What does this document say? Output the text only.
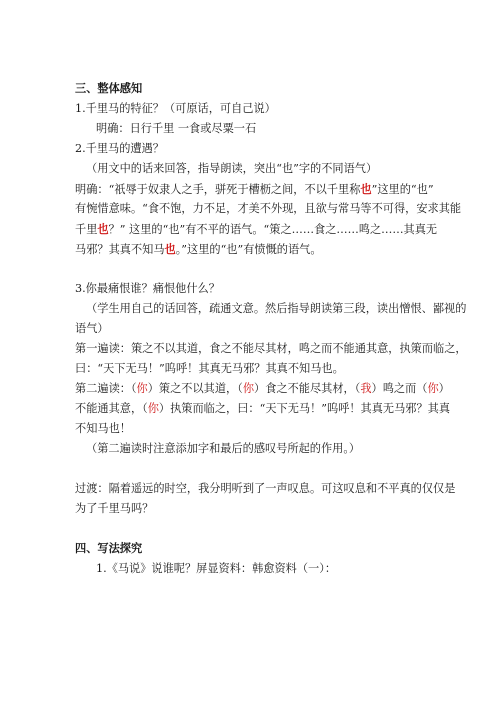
三、整体感知
1.千里马的特征？（可原话，可自己说）
明确：日行千里 一食或尽粟一石
2.千里马的遭遇？
（用文中的话来回答，指导朗读，突出“也”字的不同语气）
明确：“祇辱于奴隶人之手，骈死于槽枥之间，不以千里称也”这里的“也”
有惋惜意味。“食不饱，力不足，才美不外现，且欲与常马等不可得，安求其能
千里也？” 这里的“也”有不平的语气。“策之……食之……鸣之……其真无
马邪？其真不知马也。”这里的“也”有愤慨的语气。
3.你最痛恨谁？痛恨他什么？
（学生用自己的话回答，疏通文意。然后指导朗读第三段，读出憎恨、鄙视的
语气）
第一遍读：策之不以其道，食之不能尽其材，鸣之而不能通其意，执策而临之，
曰：“天下无马！”呜呼！其真无马邪？其真不知马也。
第二遍读：（你）策之不以其道，（你）食之不能尽其材，（我）鸣之而（你）
不能通其意，（你）执策而临之，曰：“天下无马！”呜呼！其真无马邪？其真
不知马也！
（第二遍读时注意添加字和最后的感叹号所起的作用。）
过渡：隔着遥远的时空，我分明听到了一声叹息。可这叹息和不平真的仅仅是
为了千里马吗？
四、写法探究
1.《马说》说谁呢？屏显资料：韩愈资料（一）：
